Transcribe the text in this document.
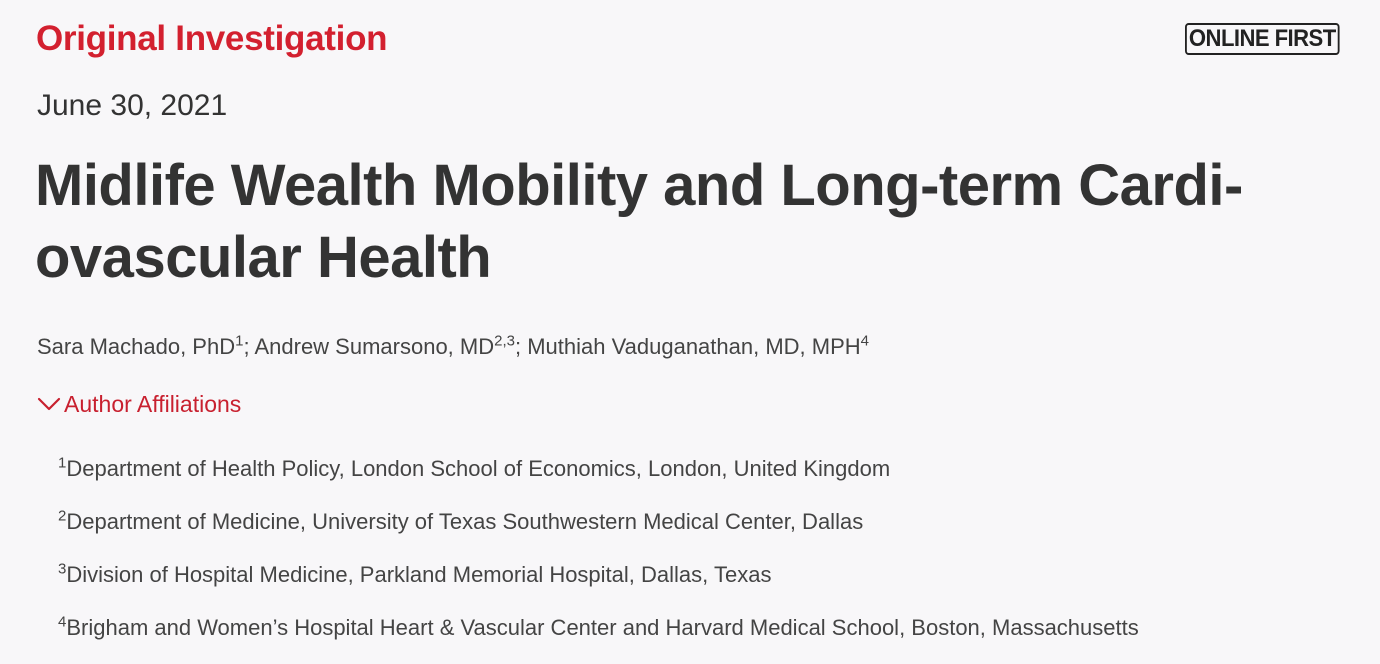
Original Investigation	ONLINE FIRST
June 30, 2021
Midlife Wealth Mobility and Long-term Cardi-
ovascular Health
Sara Machado, PhD$^1$; Andrew Sumarsono, MD$^{2,3}$; Muthiah Vaduganathan, MD, MPH$^4$
Author Affiliations
$^1$Department of Health Policy, London School of Economics, London, United Kingdom
$^2$Department of Medicine, University of Texas Southwestern Medical Center, Dallas
$^3$Division of Hospital Medicine, Parkland Memorial Hospital, Dallas, Texas
$^4$Brigham and Women’s Hospital Heart & Vascular Center and Harvard Medical School, Boston, Massachusetts
